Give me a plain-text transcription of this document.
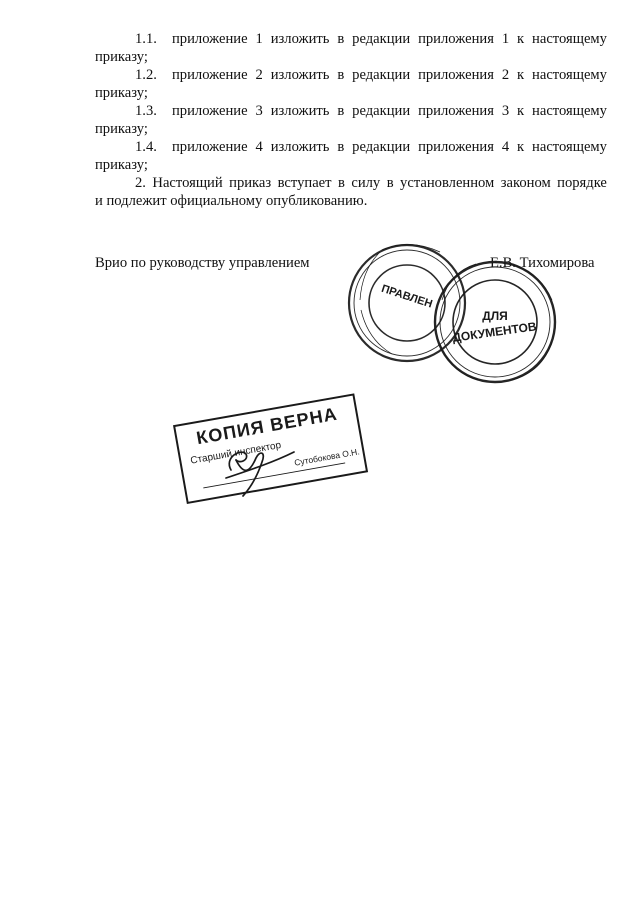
1.1.	приложение 1 изложить в редакции приложения 1 к настоящему

приказу;

1.2.	приложение 2 изложить в редакции приложения 2 к настоящему

приказу;

1.3.	приложение 3 изложить в редакции приложения 3 к настоящему

приказу;

1.4.	приложение 4 изложить в редакции приложения 4 к настоящему

приказу;

2. Настоящий приказ вступает в силу в установленном законом порядке

и подлежит официальному опубликованию.

Врио по руководству управлением	Е.В. Тихомирова
ПРАВЛЕН
ДЛЯ
ДОКУМЕНТОВ
КОПИЯ ВЕРНА
Старший инспектор Сутобокова О.Н.
